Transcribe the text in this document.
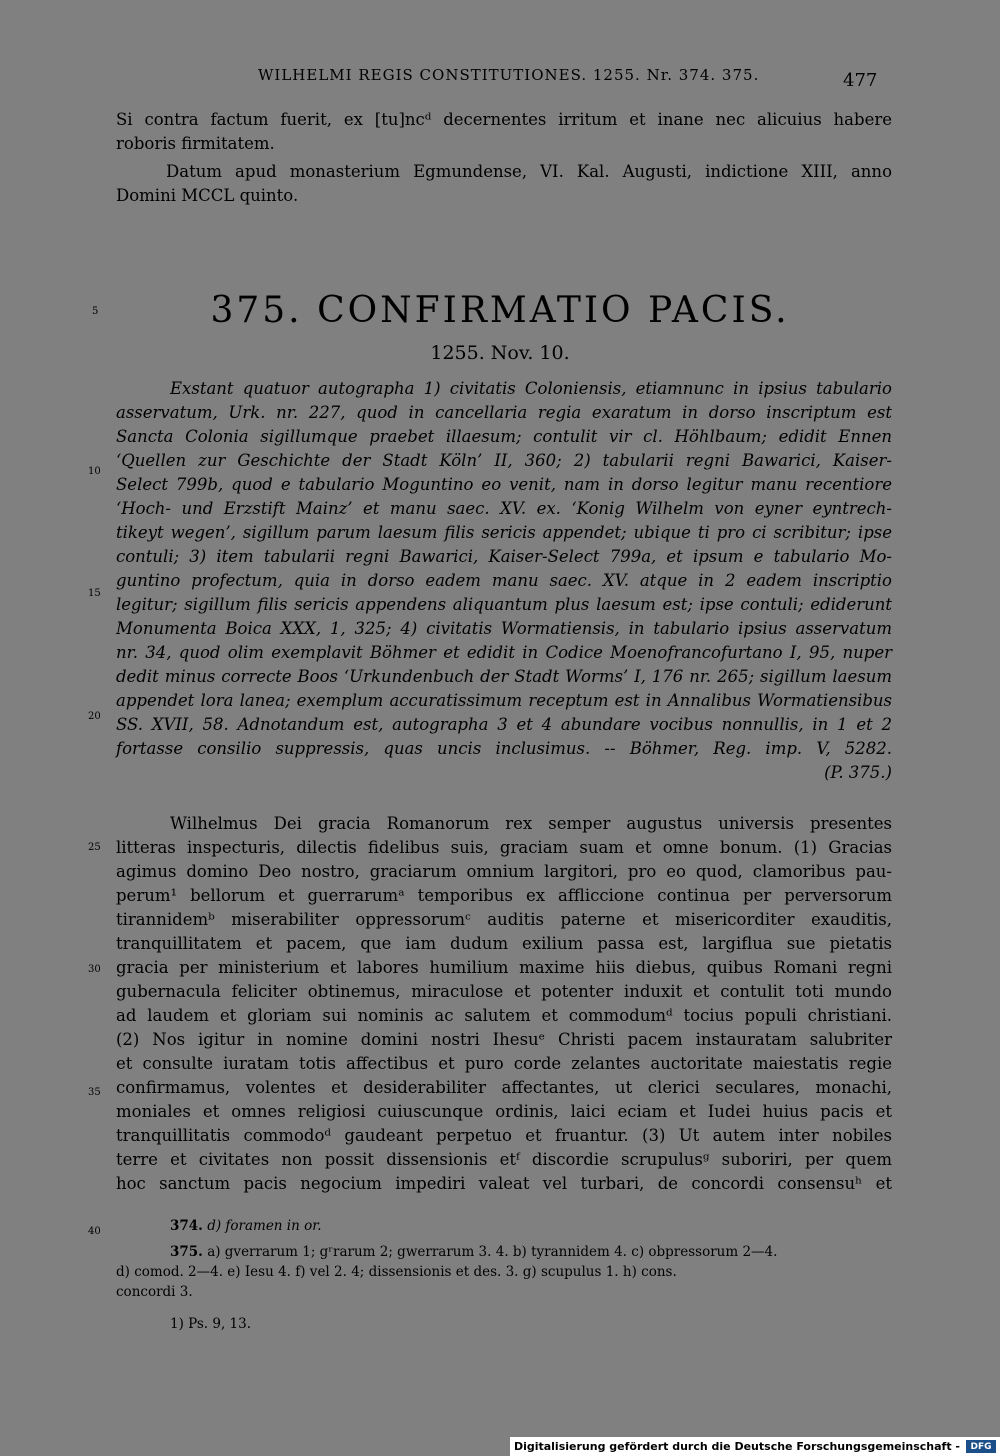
WILHELMI REGIS CONSTITUTIONES. 1255. Nr. 374. 375.	477
Si contra factum fuerit, ex [tu]ncᵈ decernentes irritum et inane nec alicuius habere
roboris firmitatem.
Datum apud monasterium Egmundense, VI. Kal. Augusti, indictione XIII, anno
Domini MCCL quinto.
5
10
15
20
25
30
35
40
375. CONFIRMATIO PACIS.
1255. Nov. 10.
Exstant quatuor autographa 1) civitatis Coloniensis, etiamnunc in ipsius tabulario
asservatum, Urk. nr. 227, quod in cancellaria regia exaratum in dorso inscriptum est
Sancta Colonia sigillumque praebet illaesum; contulit vir cl. Höhlbaum; edidit Ennen
‘Quellen zur Geschichte der Stadt Köln’ II, 360; 2) tabularii regni Bawarici, Kaiser-
Select 799b, quod e tabulario Moguntino eo venit, nam in dorso legitur manu recentiore
‘Hoch- und Erzstift Mainz’ et manu saec. XV. ex. ‘Konig Wilhelm von eyner eyntrech-
tikeyt wegen’, sigillum parum laesum filis sericis appendet; ubique ti pro ci scribitur; ipse
contuli; 3) item tabularii regni Bawarici, Kaiser-Select 799a, et ipsum e tabulario Mo-
guntino profectum, quia in dorso eadem manu saec. XV. atque in 2 eadem inscriptio
legitur; sigillum filis sericis appendens aliquantum plus laesum est; ipse contuli; ediderunt
Monumenta Boica XXX, 1, 325; 4) civitatis Wormatiensis, in tabulario ipsius asservatum
nr. 34, quod olim exemplavit Böhmer et edidit in Codice Moenofrancofurtano I, 95, nuper
dedit minus correcte Boos ‘Urkundenbuch der Stadt Worms’ I, 176 nr. 265; sigillum laesum
appendet lora lanea; exemplum accuratissimum receptum est in Annalibus Wormatiensibus
SS. XVII, 58. Adnotandum est, autographa 3 et 4 abundare vocibus nonnullis, in 1 et 2
fortasse consilio suppressis, quas uncis inclusimus. -- Böhmer, Reg. imp. V, 5282.
(P. 375.)
Wilhelmus Dei gracia Romanorum rex semper augustus universis presentes
litteras inspecturis, dilectis fidelibus suis, graciam suam et omne bonum. (1) Gracias
agimus domino Deo nostro, graciarum omnium largitori, pro eo quod, clamoribus pau-
perum¹ bellorum et guerrarumᵃ temporibus ex affliccione continua per perversorum
tirannidemᵇ miserabiliter oppressorumᶜ auditis paterne et misericorditer exauditis,
tranquillitatem et pacem, que iam dudum exilium passa est, largiflua sue pietatis
gracia per ministerium et labores humilium maxime hiis diebus, quibus Romani regni
gubernacula feliciter obtinemus, miraculose et potenter induxit et contulit toti mundo
ad laudem et gloriam sui nominis ac salutem et commodumᵈ tocius populi christiani.
(2) Nos igitur in nomine domini nostri Ihesuᵉ Christi pacem instauratam salubriter
et consulte iuratam totis affectibus et puro corde zelantes auctoritate maiestatis regie
confirmamus, volentes et desiderabiliter affectantes, ut clerici seculares, monachi,
moniales et omnes religiosi cuiuscunque ordinis, laici eciam et Iudei huius pacis et
tranquillitatis commodoᵈ gaudeant perpetuo et fruantur. (3) Ut autem inter nobiles
terre et civitates non possit dissensionis etᶠ discordie scrupulusᵍ suboriri, per quem
hoc sanctum pacis negocium impediri valeat vel turbari, de concordi consensuʰ et
374. d) foramen in or.
375. a) gverrarum 1; gʳrarum 2; gwerrarum 3. 4. b) tyrannidem 4. c) obpressorum 2—4.
d) comod. 2—4. e) Iesu 4. f) vel 2. 4; dissensionis et des. 3. g) scupulus 1. h) cons.
concordi 3.
1) Ps. 9, 13.
Digitalisierung gefördert durch die Deutsche Forschungsgemeinschaft -	DFG
